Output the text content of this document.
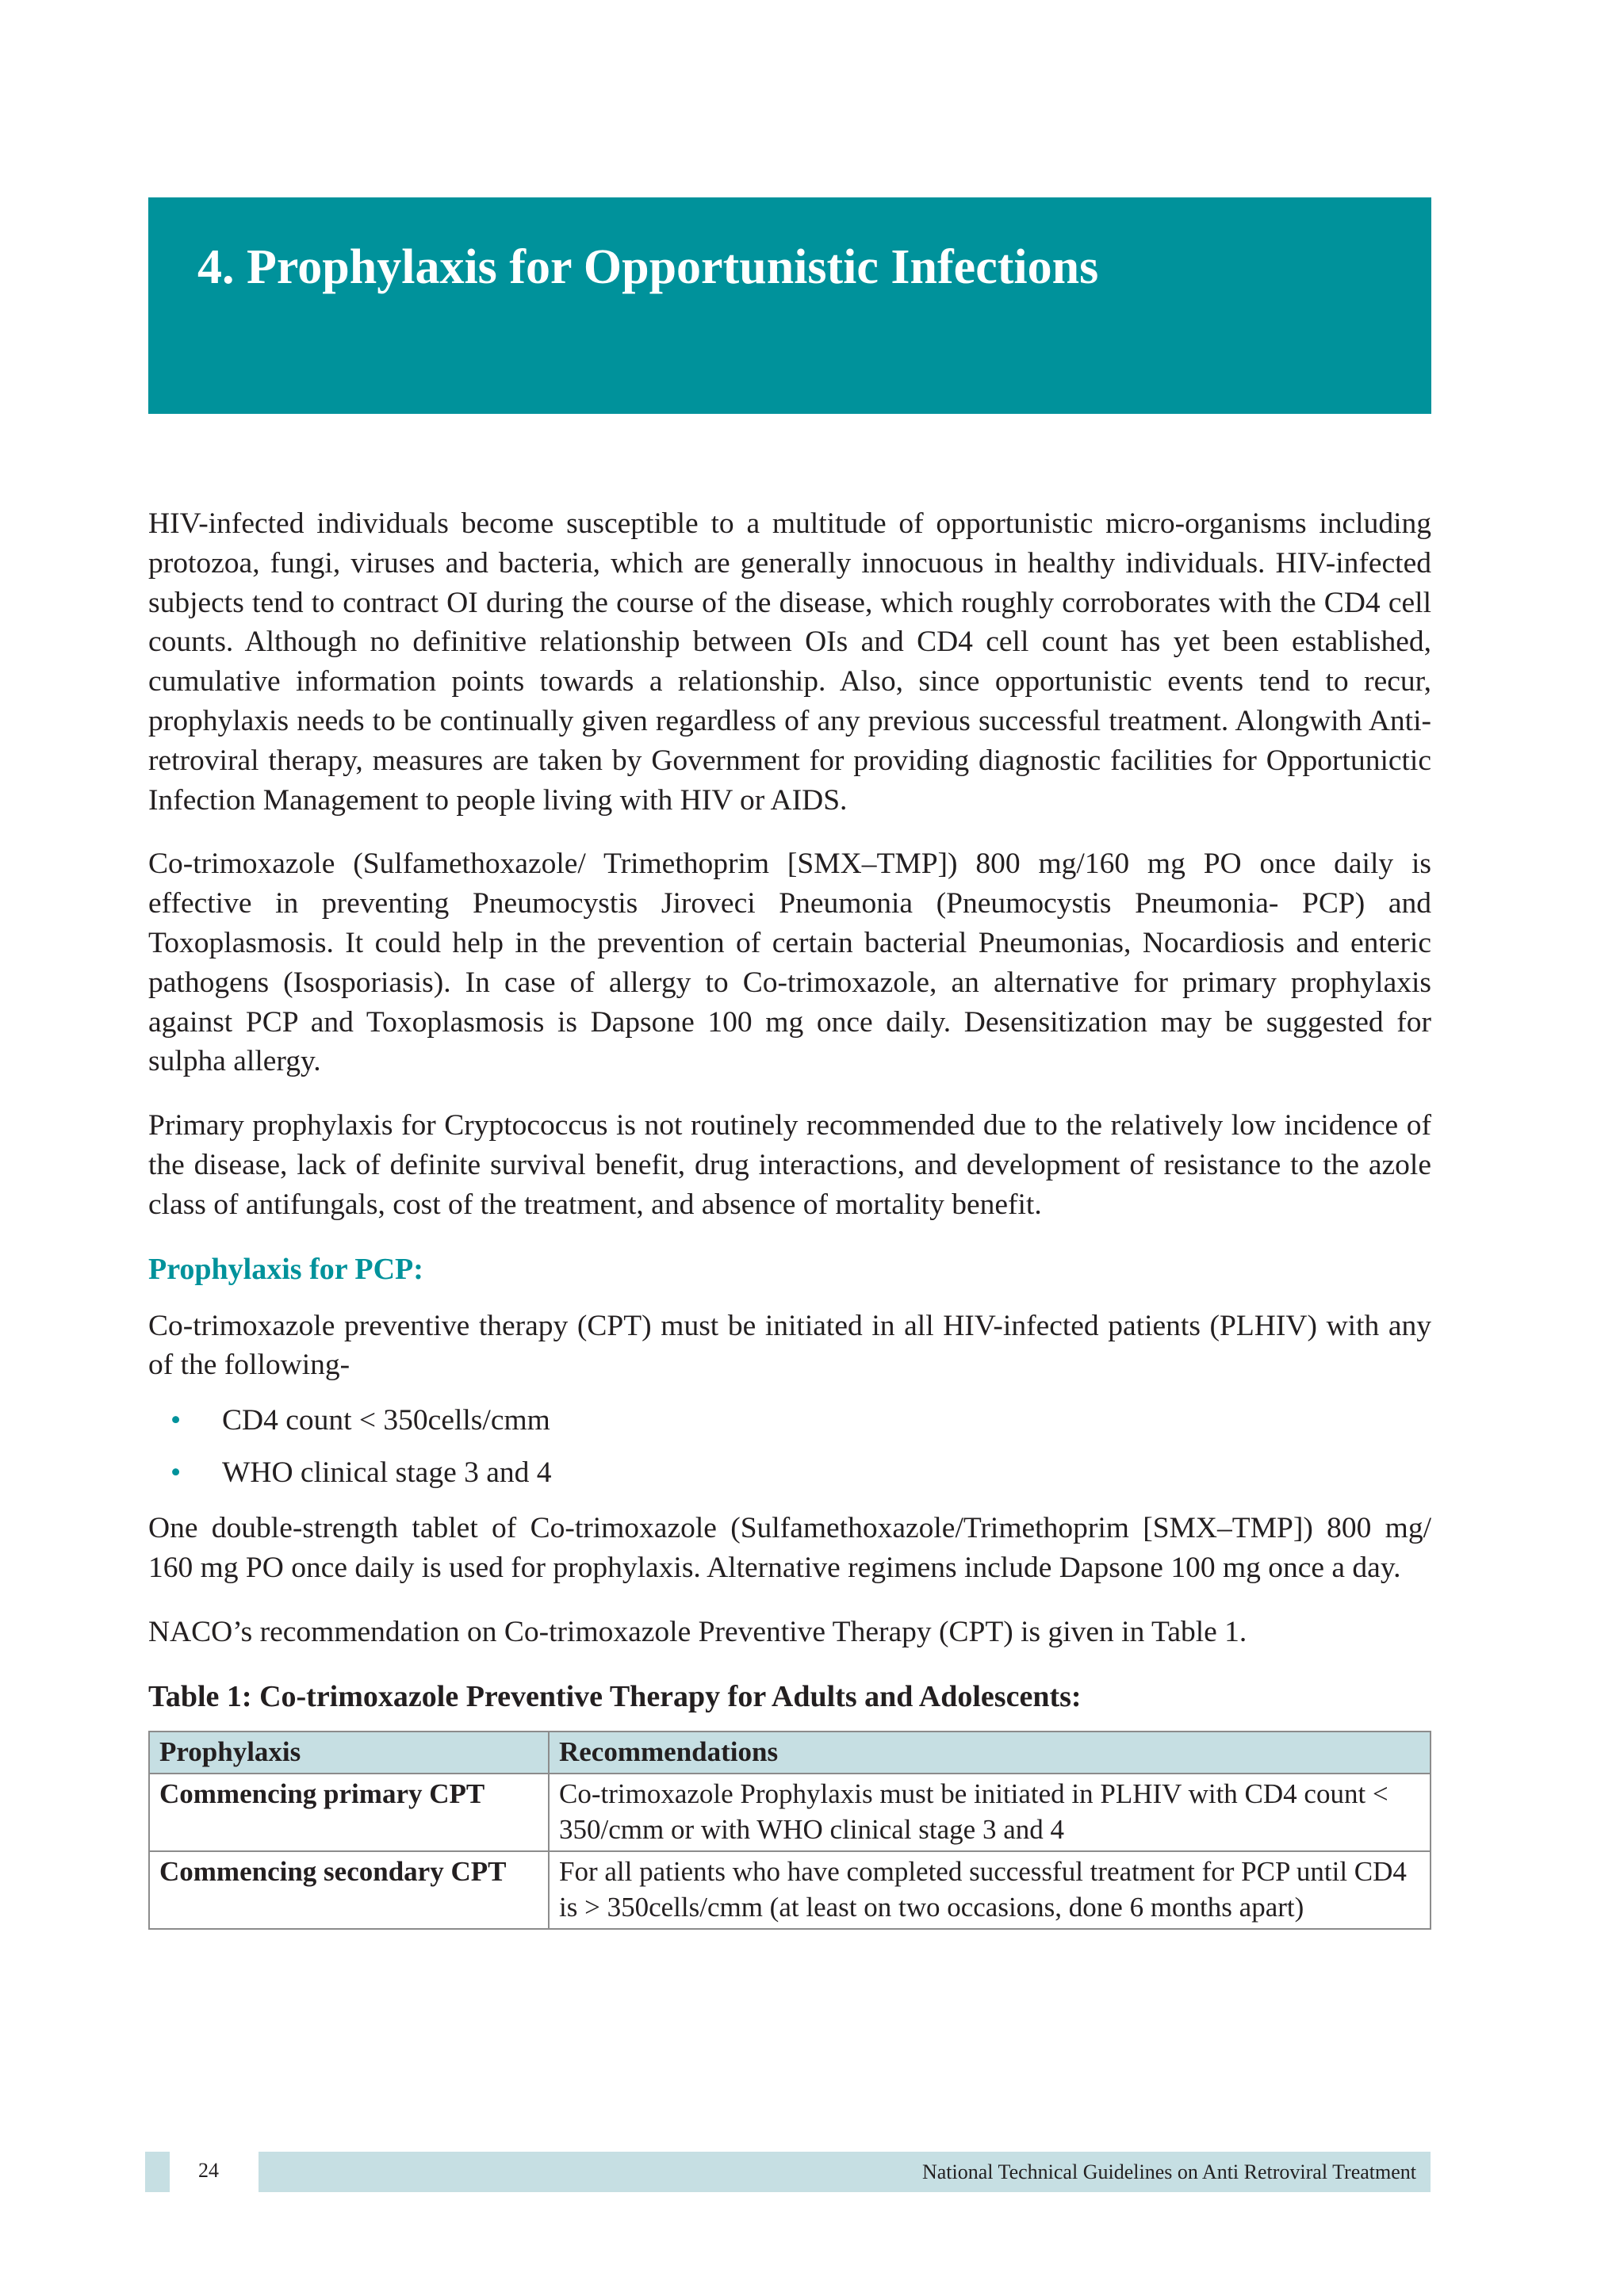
4. Prophylaxis for Opportunistic Infections

HIV-infected individuals become susceptible to a multitude of opportunistic micro-organisms including protozoa, fungi, viruses and bacteria, which are generally innocuous in healthy individuals. HIV-infected subjects tend to contract OI during the course of the disease, which roughly corroborates with the CD4 cell counts. Although no definitive relationship between OIs and CD4 cell count has yet been established, cumulative information points towards a relationship. Also, since opportunistic events tend to recur, prophylaxis needs to be continually given regardless of any previous successful treatment. Alongwith Anti-retroviral therapy, measures are taken by Government for providing diagnostic facilities for Opportunictic Infection Management to people living with HIV or AIDS.

Co-trimoxazole (Sulfamethoxazole/ Trimethoprim [SMX–TMP]) 800 mg/160 mg PO once daily is effective in preventing Pneumocystis Jiroveci Pneumonia (Pneumocystis Pneumonia- PCP) and Toxoplasmosis. It could help in the prevention of certain bacterial Pneumonias, Nocardiosis and enteric pathogens (Isosporiasis). In case of allergy to Co-trimoxazole, an alternative for primary prophylaxis against PCP and Toxoplasmosis is Dapsone 100 mg once daily. Desensitization may be suggested for sulpha allergy.

Primary prophylaxis for Cryptococcus is not routinely recommended due to the relatively low incidence of the disease, lack of definite survival benefit, drug interactions, and development of resistance to the azole class of antifungals, cost of the treatment, and absence of mortality benefit.

Prophylaxis for PCP:

Co-trimoxazole preventive therapy (CPT) must be initiated in all HIV-infected patients (PLHIV) with any of the following-

• CD4 count < 350cells/cmm
• WHO clinical stage 3 and 4

One double-strength tablet of Co-trimoxazole (Sulfamethoxazole/Trimethoprim [SMX–TMP]) 800 mg/ 160 mg PO once daily is used for prophylaxis. Alternative regimens include Dapsone 100 mg once a day.

NACO’s recommendation on Co-trimoxazole Preventive Therapy (CPT) is given in Table 1.

Table 1: Co-trimoxazole Preventive Therapy for Adults and Adolescents:
Prophylaxis	Recommendations
Commencing primary CPT	Co-trimoxazole Prophylaxis must be initiated in PLHIV with CD4 count < 350/cmm or with WHO clinical stage 3 and 4
Commencing secondary CPT	For all patients who have completed successful treatment for PCP until CD4 is > 350cells/cmm (at least on two occasions, done 6 months apart)
24	National Technical Guidelines on Anti Retroviral Treatment
